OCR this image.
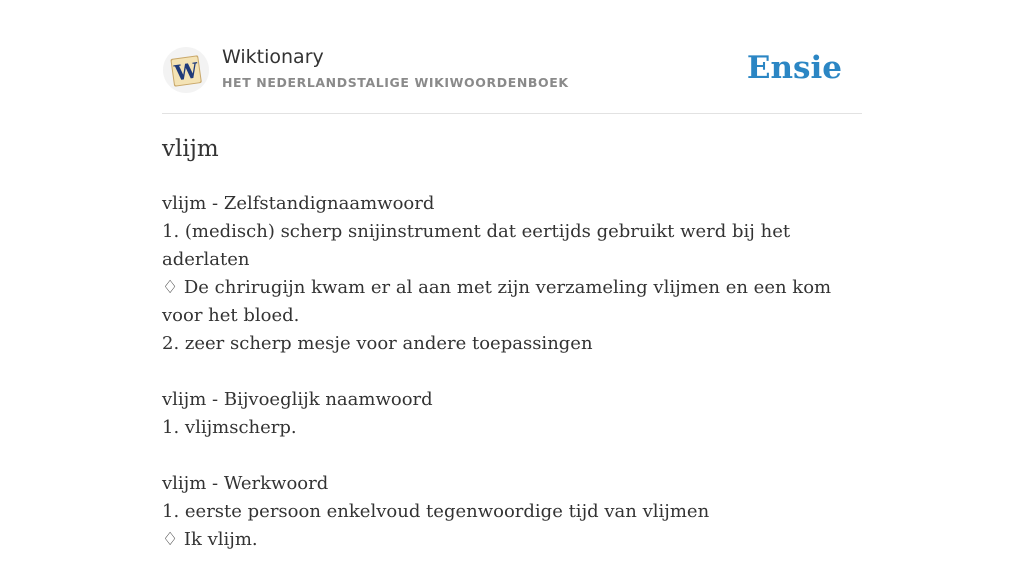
W
Wiktionary
HET NEDERLANDSTALIGE WIKIWOORDENBOEK	Ensie
vlijm
vlijm - Zelfstandignaamwoord
1. (medisch) scherp snijinstrument dat eertijds gebruikt werd bij het aderlaten
♢ De chrirugijn kwam er al aan met zijn verzameling vlijmen en een kom voor het bloed.
2. zeer scherp mesje voor andere toepassingen
vlijm - Bijvoeglijk naamwoord
1. vlijmscherp.
vlijm - Werkwoord
1. eerste persoon enkelvoud tegenwoordige tijd van vlijmen
♢ Ik vlijm.
